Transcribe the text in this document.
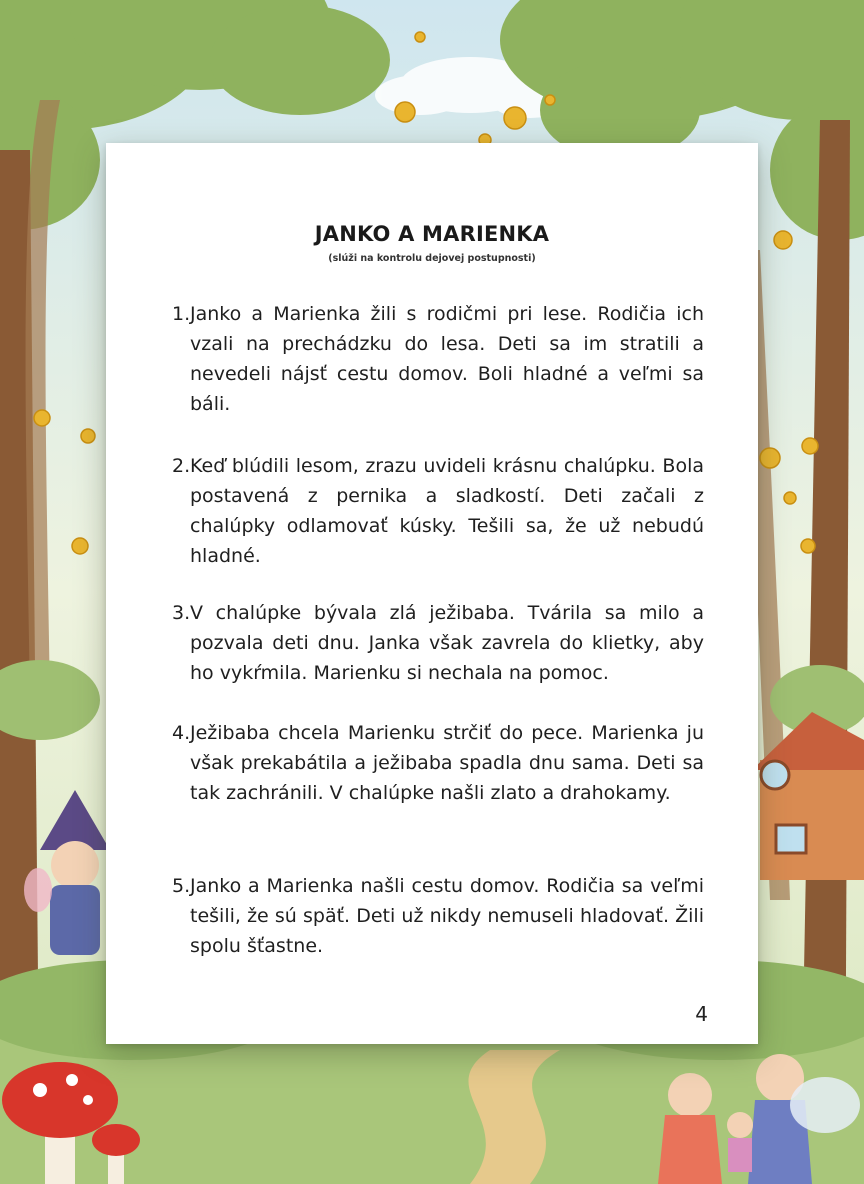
JANKO A MARIENKA
(slúži na kontrolu dejovej postupnosti)
1. Janko a Marienka žili s rodičmi pri lese. Rodičia ich vzali na prechádzku do lesa. Deti sa im stratili a nevedeli nájsť cestu domov. Boli hladné a veľmi sa báli.
2. Keď blúdili lesom, zrazu uvideli krásnu chalúpku. Bola postavená z pernika a sladkostí. Deti začali z chalúpky odlamovať kúsky. Tešili sa, že už nebudú hladné.
3. V chalúpke bývala zlá ježibaba. Tvárila sa milo a pozvala deti dnu. Janka však zavrela do klietky, aby ho vykŕmila. Marienku si nechala na pomoc.
4. Ježibaba chcela Marienku strčiť do pece. Marienka ju však prekabátila a ježibaba spadla dnu sama. Deti sa tak zachránili. V chalúpke našli zlato a drahokamy.
5. Janko a Marienka našli cestu domov. Rodičia sa veľmi tešili, že sú späť. Deti už nikdy nemuseli hladovať. Žili spolu šťastne.
4
